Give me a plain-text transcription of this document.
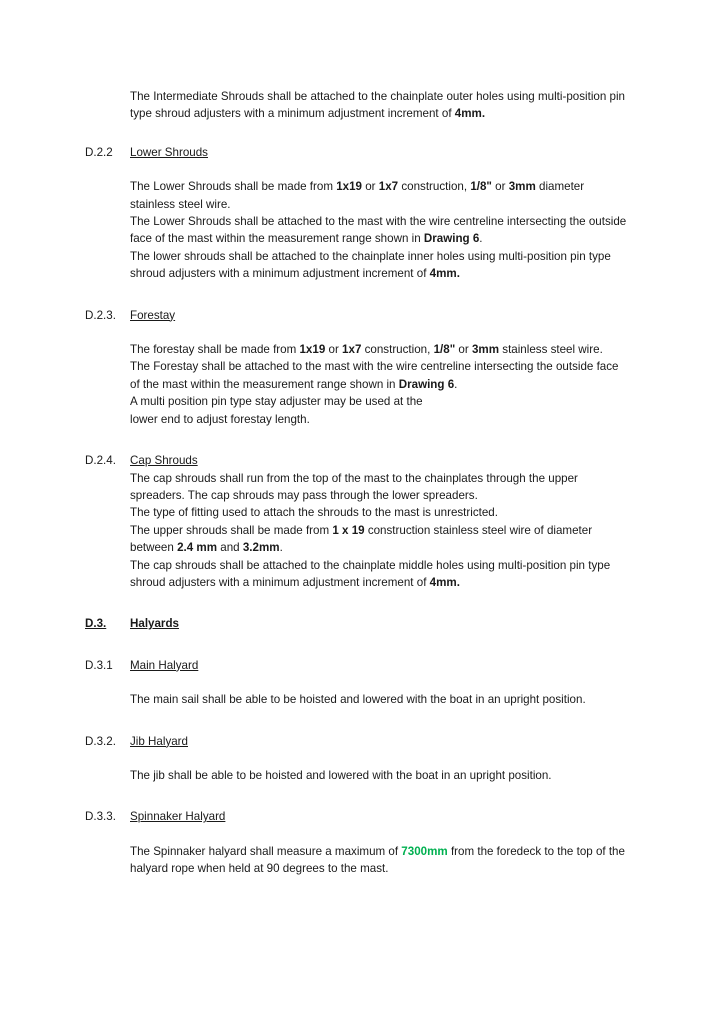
The Intermediate Shrouds shall be attached to the chainplate outer holes using multi-position pin type shroud adjusters with a minimum adjustment increment of 4mm.
D.2.2	Lower Shrouds
The Lower Shrouds shall be made from 1x19 or 1x7 construction, 1/8" or 3mm diameter stainless steel wire.
The Lower Shrouds shall be attached to the mast with the wire centreline intersecting the outside face of the mast within the measurement range shown in Drawing 6.
The lower shrouds shall be attached to the chainplate inner holes using multi-position pin type shroud adjusters with a minimum adjustment increment of 4mm.
D.2.3.	Forestay
The forestay shall be made from 1x19 or 1x7 construction, 1/8" or 3mm stainless steel wire.
The Forestay shall be attached to the mast with the wire centreline intersecting the outside face of the mast within the measurement range shown in Drawing 6.
A multi position pin type stay adjuster may be used at the
lower end to adjust forestay length.
D.2.4.	Cap Shrouds
The cap shrouds shall run from the top of the mast to the chainplates through the upper spreaders. The cap shrouds may pass through the lower spreaders.
The type of fitting used to attach the shrouds to the mast is unrestricted.
The upper shrouds shall be made from 1 x 19 construction stainless steel wire of diameter between 2.4 mm and 3.2mm.
The cap shrouds shall be attached to the chainplate middle holes using multi-position pin type shroud adjusters with a minimum adjustment increment of 4mm.
D.3.	Halyards
D.3.1	Main Halyard
The main sail shall be able to be hoisted and lowered with the boat in an upright position.
D.3.2.	Jib Halyard
The jib shall be able to be hoisted and lowered with the boat in an upright position.
D.3.3.	Spinnaker Halyard
The Spinnaker halyard shall measure a maximum of 7300mm from the foredeck to the top of the halyard rope when held at 90 degrees to the mast.
